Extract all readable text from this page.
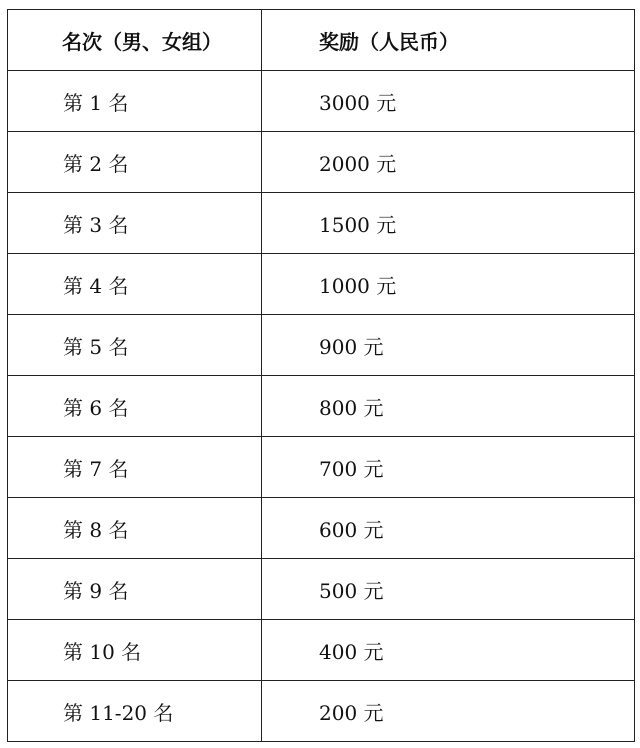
名次（男、女组）	奖励（人民币）
第 1 名	3000 元
第 2 名	2000 元
第 3 名	1500 元
第 4 名	1000 元
第 5 名	900 元
第 6 名	800 元
第 7 名	700 元
第 8 名	600 元
第 9 名	500 元
第 10 名	400 元
第 11-20 名	200 元
